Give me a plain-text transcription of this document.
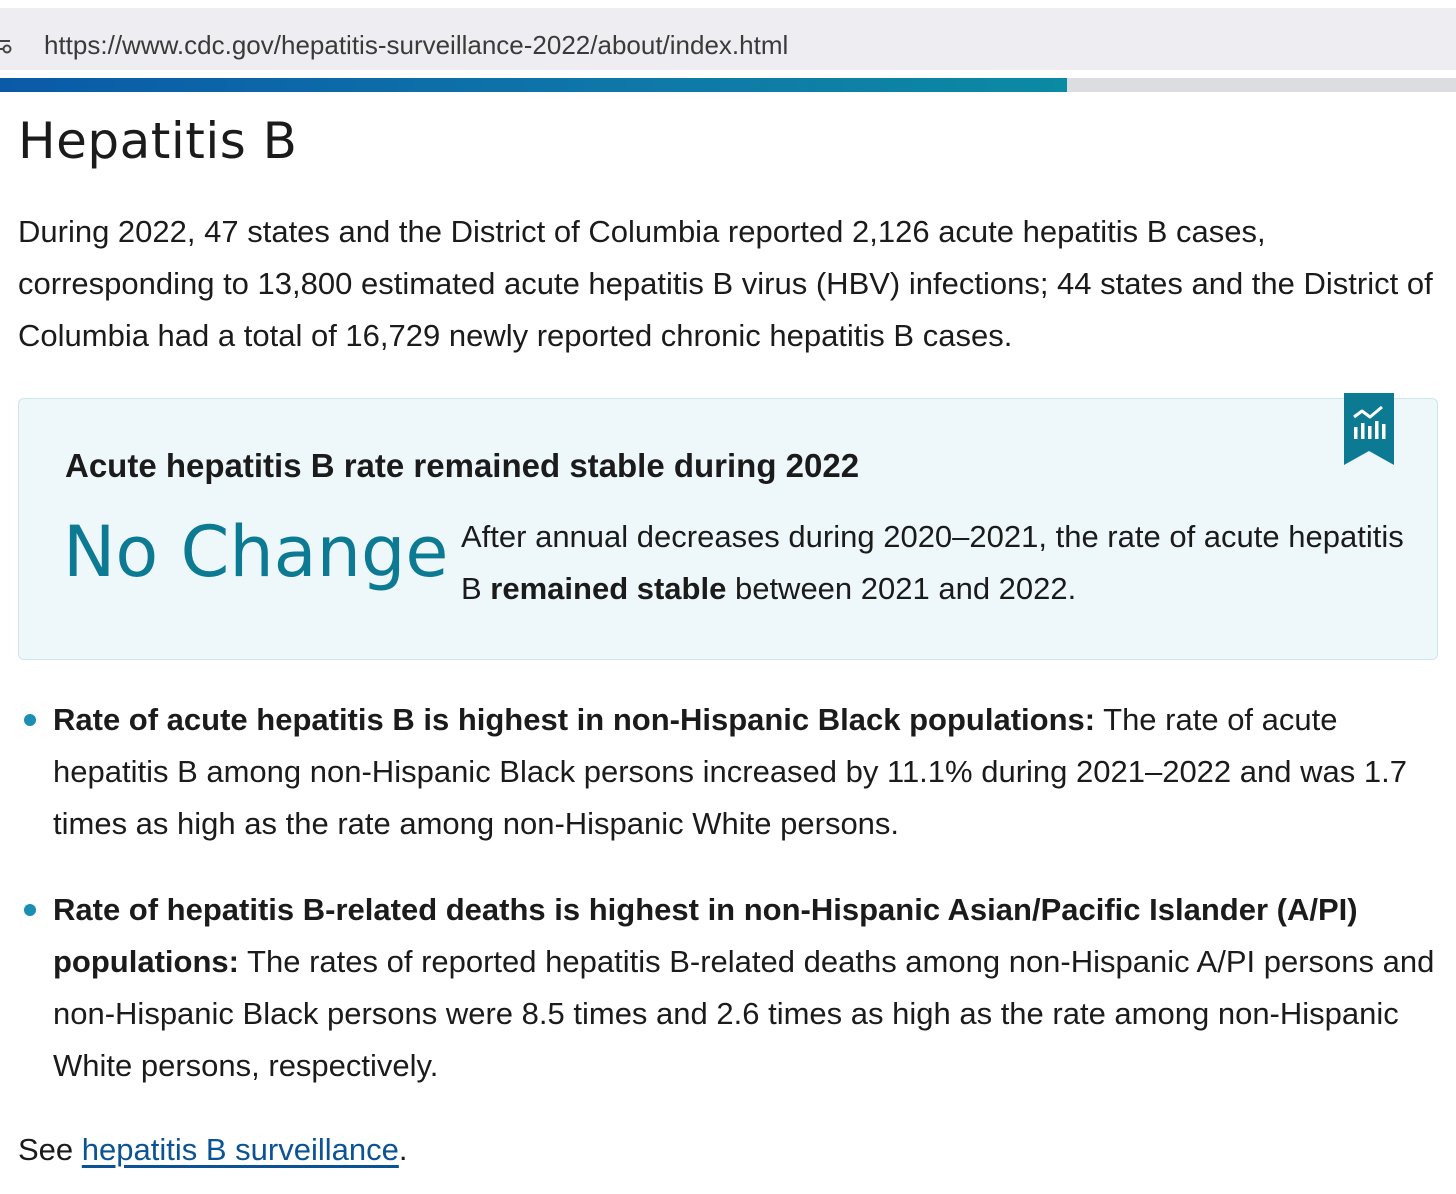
https://www.cdc.gov/hepatitis-surveillance-2022/about/index.html
Hepatitis B

During 2022, 47 states and the District of Columbia reported 2,126 acute hepatitis B cases, corresponding to 13,800 estimated acute hepatitis B virus (HBV) infections; 44 states and the District of Columbia had a total of 16,729 newly reported chronic hepatitis B cases.

Acute hepatitis B rate remained stable during 2022
No Change After annual decreases during 2020–2021, the rate of acute hepatitis B remained stable between 2021 and 2022.

Rate of acute hepatitis B is highest in non-Hispanic Black populations: The rate of acute hepatitis B among non-Hispanic Black persons increased by 11.1% during 2021–2022 and was 1.7 times as high as the rate among non-Hispanic White persons.
Rate of hepatitis B-related deaths is highest in non-Hispanic Asian/Pacific Islander (A/PI) populations: The rates of reported hepatitis B-related deaths among non-Hispanic A/PI persons and non-Hispanic Black persons were 8.5 times and 2.6 times as high as the rate among non-Hispanic White persons, respectively.

See hepatitis B surveillance.
